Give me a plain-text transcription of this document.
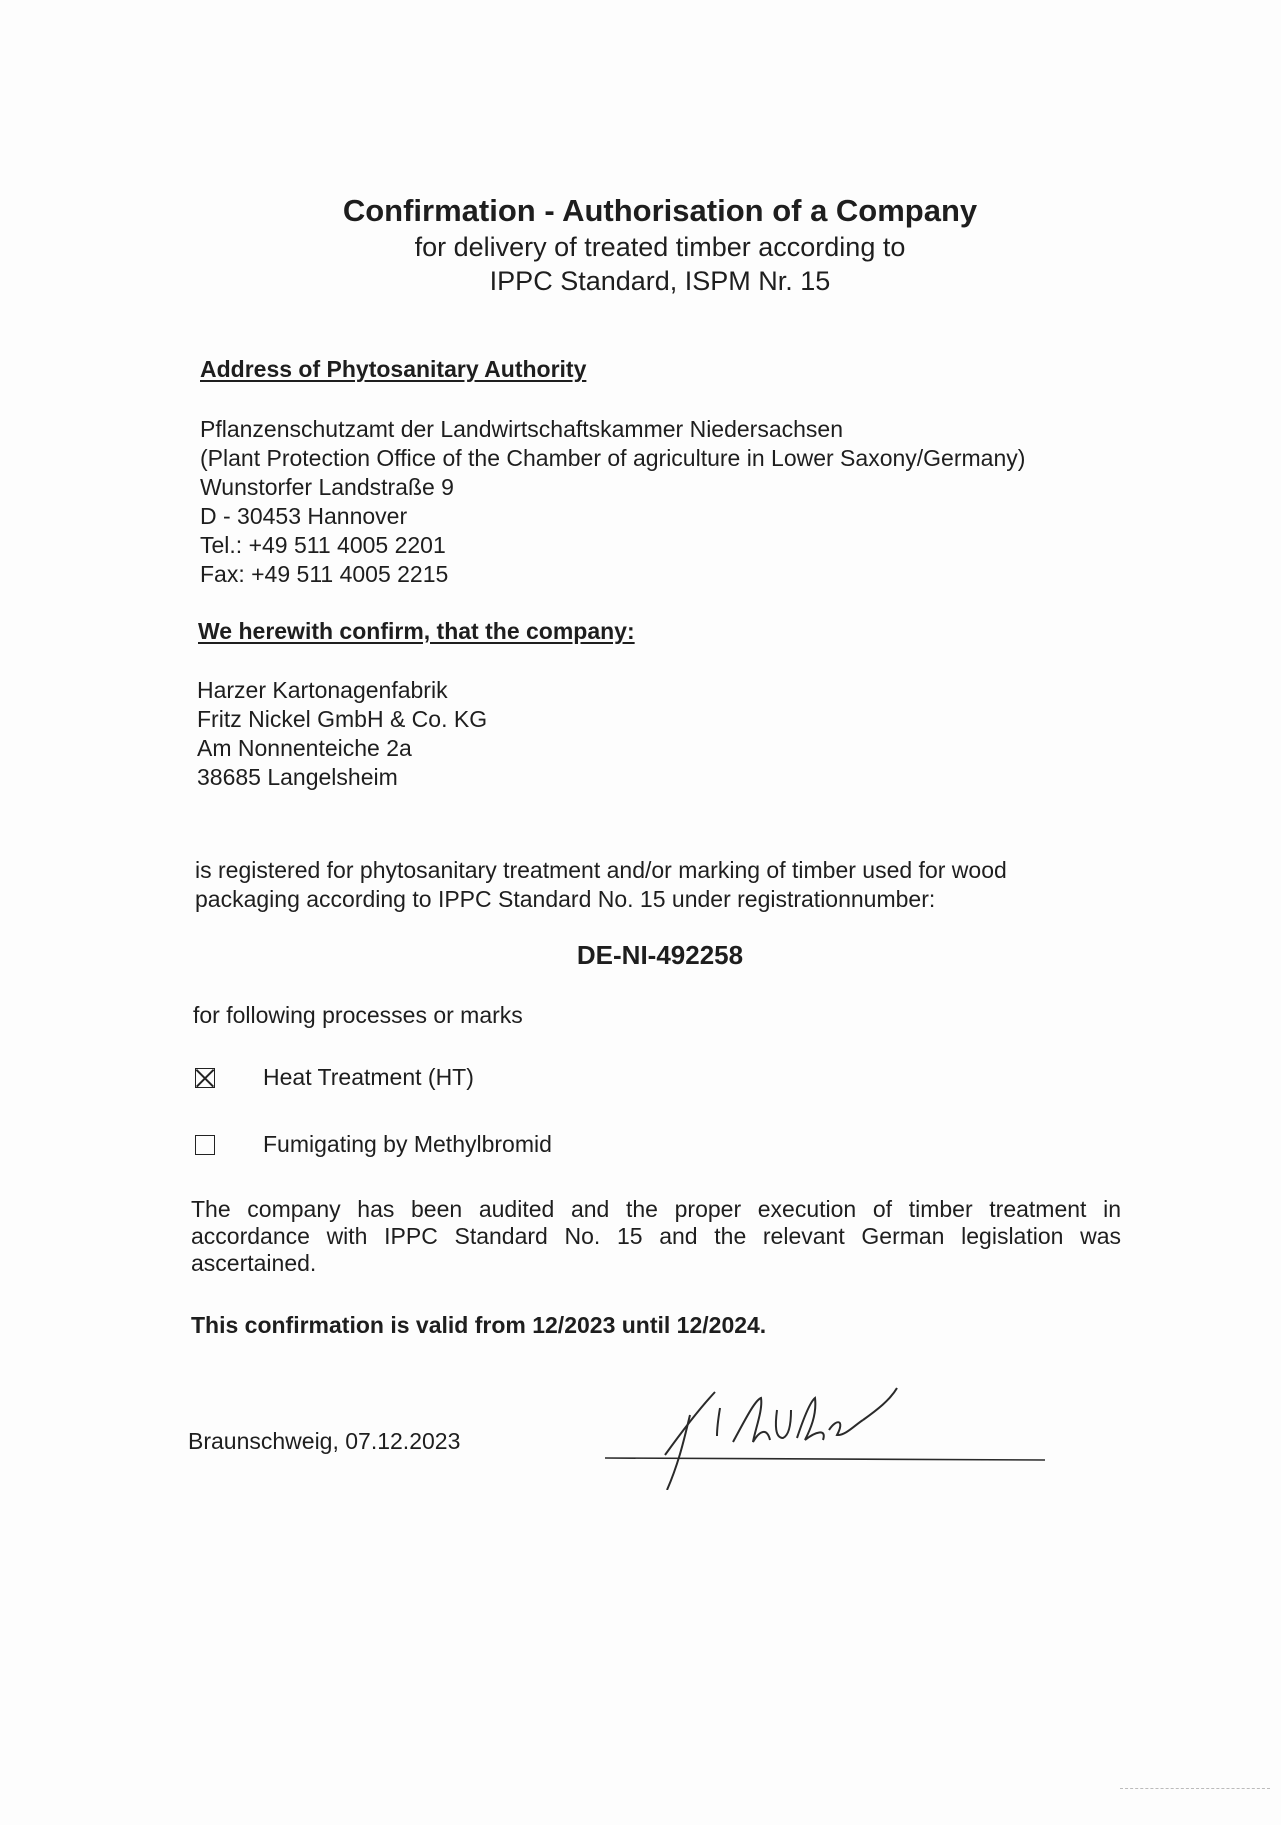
Confirmation - Authorisation of a Company

for delivery of treated timber according to

IPPC Standard, ISPM Nr. 15

Address of Phytosanitary Authority

Pflanzenschutzamt der Landwirtschaftskammer Niedersachsen
(Plant Protection Office of the Chamber of agriculture in Lower Saxony/Germany)
Wunstorfer Landstraße 9
D - 30453 Hannover
Tel.: +49 511 4005 2201
Fax: +49 511 4005 2215

We herewith confirm, that the company:

Harzer Kartonagenfabrik
Fritz Nickel GmbH & Co. KG
Am Nonnenteiche 2a
38685 Langelsheim
is registered for phytosanitary treatment and/or marking of timber used for wood
packaging according to IPPC Standard No. 15 under registrationnumber:
DE-NI-492258
for following processes or marks
Heat Treatment (HT)
Fumigating by Methylbromid
The company has been audited and the proper execution of timber treatment in accordance with IPPC Standard No. 15 and the relevant German legislation was ascertained.
This confirmation is valid from 12/2023 until 12/2024.
Braunschweig, 07.12.2023
